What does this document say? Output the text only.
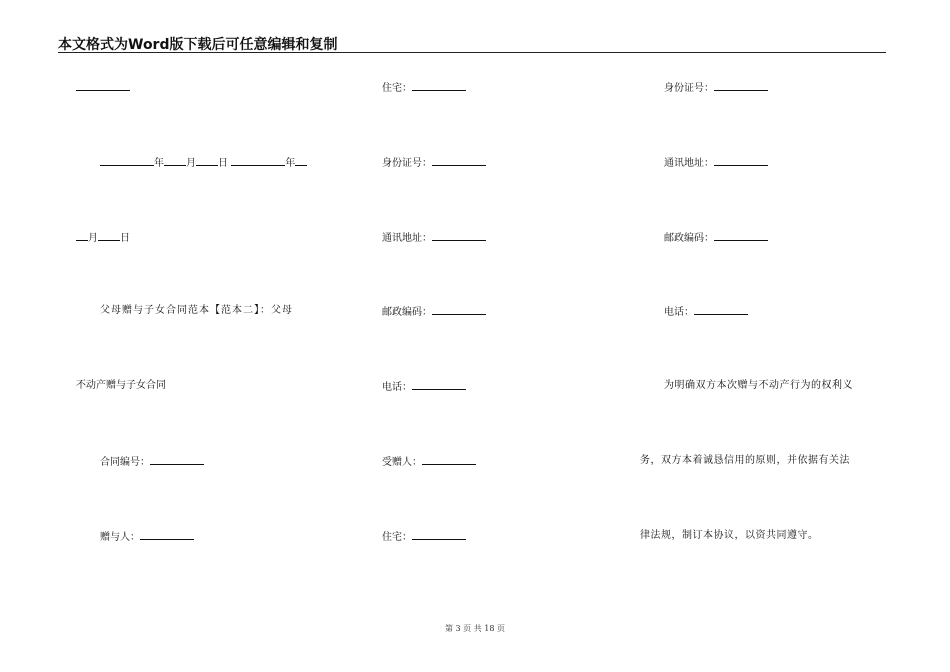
本文格式为Word版下载后可任意编辑和复制
年 月 日	年
月 日
父母赠与子女合同范本【范本二】：父母
不动产赠与子女合同
合同编号：
赠与人：
住宅：
身份证号：
通讯地址：
邮政编码：
电话：
受赠人：
住宅：
身份证号：
通讯地址：
邮政编码：
电话：
为明确双方本次赠与不动产行为的权利义
务，双方本着诚恳信用的原则，并依据有关法
律法规，制订本协议，以资共同遵守。
第 3 页 共 18 页
